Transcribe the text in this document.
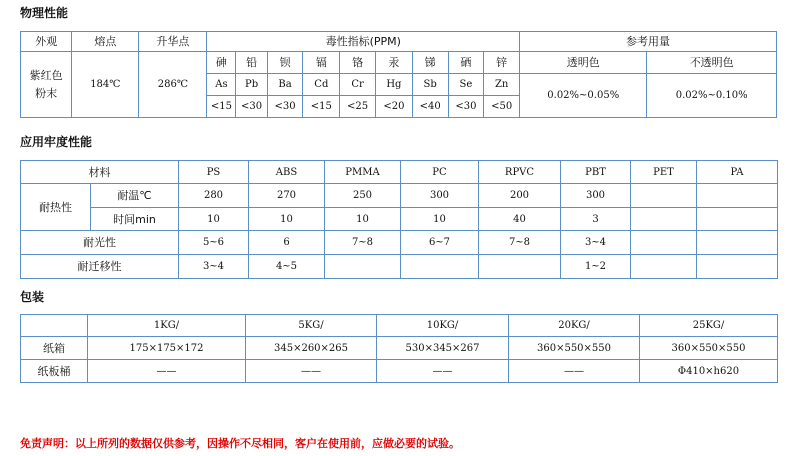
物理性能
外观	熔点	升华点	毒性指标(PPM)									参考用量	
紫红色粉末	184℃	286℃	砷	铅	钡	镉	铬	汞	锑	硒	锌	透明色	不透明色
			As	Pb	Ba	Cd	Cr	Hg	Sb	Se	Zn	0.02%~0.05%	0.02%~0.10%
			<15	<30	<30	<15	<25	<20	<40	<30	<50		
应用牢度性能
材料		PS	ABS	PMMA	PC	RPVC	PBT	PET	PA
耐热性	耐温℃	280	270	250	300	200	300		
	时间min	10	10	10	10	40	3		
耐光性		5~6	6	7~8	6~7	7~8	3~4		
耐迁移性		3~4	4~5				1~2		
包装
	1KG/	5KG/	10KG/	20KG/	25KG/
纸箱	175×175×172	345×260×265	530×345×267	360×550×550	360×550×550
纸板桶	——	——	——	——	Φ410×h620
免责声明：以上所列的数据仅供参考，因操作不尽相同，客户在使用前，应做必要的试验。
